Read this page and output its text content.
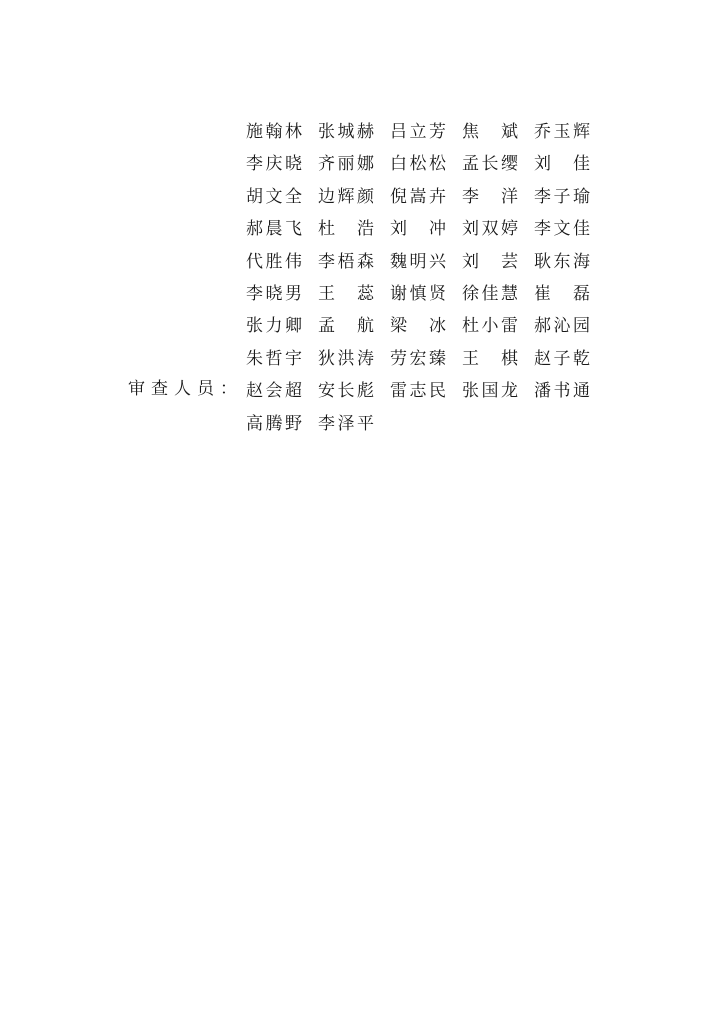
审查人员：
施翰林 张城赫 吕立芳 焦　斌 乔玉辉
李庆晓 齐丽娜 白松松 孟长缨 刘　佳
胡文全 边辉颜 倪嵩卉 李　洋 李子瑜
郝晨飞 杜　浩 刘　冲 刘双婷 李文佳
代胜伟 李梧森 魏明兴 刘　芸 耿东海
李晓男 王　蕊 谢慎贤 徐佳慧 崔　磊
张力卿 孟　航 梁　冰 杜小雷 郝沁园
朱哲宇 狄洪涛 劳宏臻 王　棋 赵子乾
赵会超 安长彪 雷志民 张国龙 潘书通
高腾野 李泽平
